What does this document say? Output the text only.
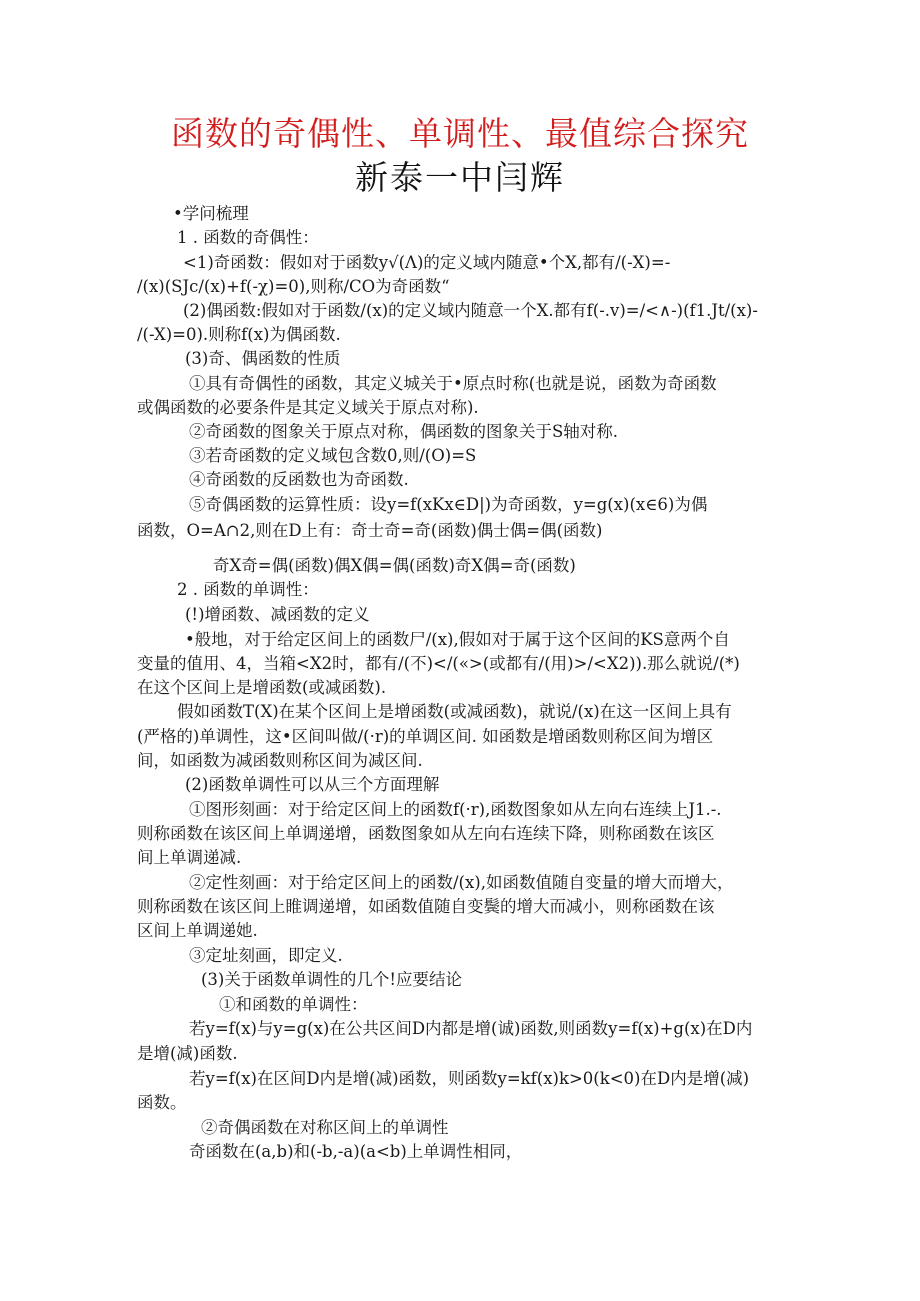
函数的奇偶性、单调性、最值综合探究
新泰一中闫辉
•学问梳理
1 . 函数的奇偶性：
<1)奇函数：假如对于函数y√(Λ)的定义域内随意•个X,都有/(-X)=-
/(x)(SJc/(x)+f(-χ)=0),则称/CO为奇函数“
(2)偶函数:假如对于函数/(x)的定义域内随意一个X.都有f(-.v)=/<∧-)(f1.Jt/(x)-
/(-X)=0).则称f(x)为偶函数.
(3)奇、偶函数的性质
①具有奇偶性的函数，其定义城关于•原点时称(也就是说，函数为奇函数
或偶函数的必要条件是其定义域关于原点对称).
②奇函数的图象关于原点对称，偶函数的图象关于S轴对称.
③若奇函数的定义域包含数0,则/(O)=S
④奇函数的反函数也为奇函数.
⑤奇偶函数的运算性质：设y=f(xKx∈D|)为奇函数，y=g(x)(x∈6)为偶
函数，O=A∩2,则在D上有：奇士奇=奇(函数)偶士偶=偶(函数)
奇X奇=偶(函数)偶X偶=偶(函数)奇X偶=奇(函数)
2 . 函数的单调性：
(!)增函数、减函数的定义
•般地，对于给定区间上的函数尸/(x),假如对于属于这个区间的KS意两个自
变量的值用、4，当箱<X2时，都有/(不)</(«>(或都有/(用)>/<X2)).那么就说/(*)
在这个区间上是增函数(或减函数).
假如函数T(X)在某个区间上是增函数(或减函数)，就说/(x)在这一区间上具有
(严格的)单调性，这•区间叫做/(·r)的单调区间. 如函数是增函数则称区间为增区
间，如函数为减函数则称区间为减区间.
(2)函数单调性可以从三个方面理解
①图形刻画：对于给定区间上的函数f(·r),函数图象如从左向右连续上J1.-.
则称函数在该区间上单调递增，函数图象如从左向右连续下降，则称函数在该区
间上单调递减.
②定性刻画：对于给定区间上的函数/(x),如函数值随自变量的增大而增大，
则称函数在该区间上睢调递增，如函数值随自变鬓的增大而减小，则称函数在该
区间上单调递她.
③定址刻画，即定义.
(3)关于函数单调性的几个!应要结论
①和函数的单调性：
若y=f(x)与y=g(x)在公共区间D内都是增(诚)函数,则函数y=f(x)+g(x)在D内
是增(减)函数.
若y=f(x)在区间D内是增(减)函数，则函数y=kf(x)k>0(k<0)在D内是增(减)
函数。
②奇偶函数在对称区间上的单调性
奇函数在(a,b)和(-b,-a)(a<b)上单调性相同，
